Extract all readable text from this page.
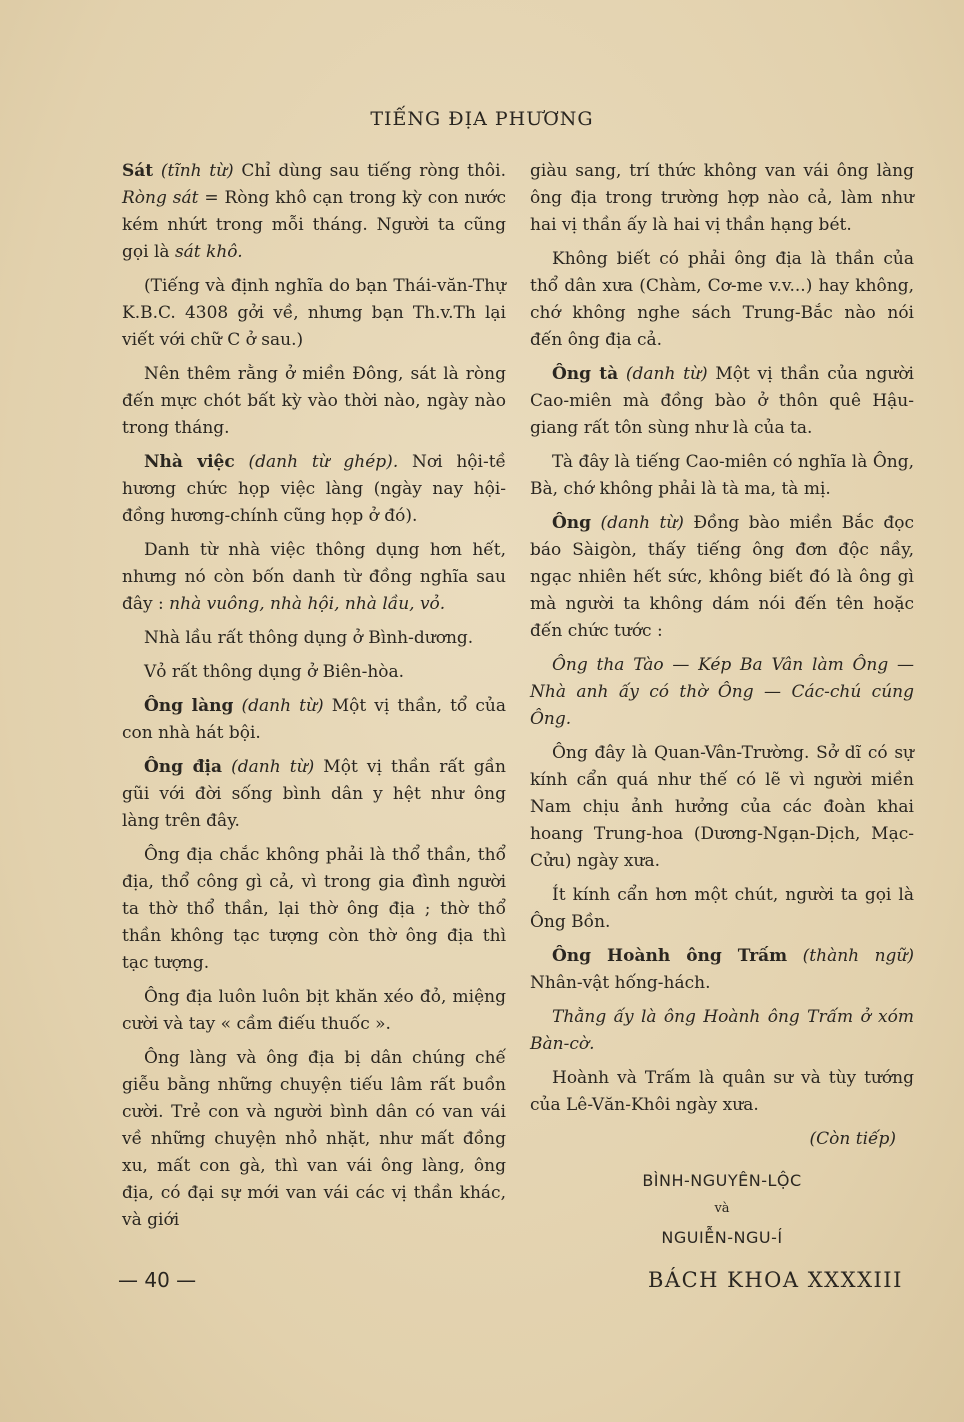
TIẾNG ĐỊA PHƯƠNG

Sát (tĩnh từ) Chỉ dùng sau tiếng ròng thôi. Ròng sát = Ròng khô cạn trong kỳ con nước kém nhứt trong mỗi tháng. Người ta cũng gọi là sát khô.

(Tiếng và định nghĩa do bạn Thái-văn-Thự K.B.C. 4308 gởi về, nhưng bạn Th.v.Th lại viết với chữ C ở sau.)

Nên thêm rằng ở miền Đông, sát là ròng đến mực chót bất kỳ vào thời nào, ngày nào trong tháng.

Nhà việc (danh từ ghép). Nơi hội-tề hương chức họp việc làng (ngày nay hội-đồng hương-chính cũng họp ở đó).

Danh từ nhà việc thông dụng hơn hết, nhưng nó còn bốn danh từ đồng nghĩa sau đây : nhà vuông, nhà hội, nhà lầu, vỏ.

Nhà lầu rất thông dụng ở Bình-dương.

Vỏ rất thông dụng ở Biên-hòa.

Ông làng (danh từ) Một vị thần, tổ của con nhà hát bội.

Ông địa (danh từ) Một vị thần rất gần gũi với đời sống bình dân y hệt như ông làng trên đây.

Ông địa chắc không phải là thổ thần, thổ địa, thổ công gì cả, vì trong gia đình người ta thờ thổ thần, lại thờ ông địa ; thờ thổ thần không tạc tượng còn thờ ông địa thì tạc tượng.

Ông địa luôn luôn bịt khăn xéo đỏ, miệng cười và tay « cầm điếu thuốc ».

Ông làng và ông địa bị dân chúng chế giễu bằng những chuyện tiếu lâm rất buồn cười. Trẻ con và người bình dân có van vái về những chuyện nhỏ nhặt, như mất đồng xu, mất con gà, thì van vái ông làng, ông địa, có đại sự mới van vái các vị thần khác, và giới

giàu sang, trí thức không van vái ông làng ông địa trong trường hợp nào cả, làm như hai vị thần ấy là hai vị thần hạng bét.

Không biết có phải ông địa là thần của thổ dân xưa (Chàm, Cơ-me v.v...) hay không, chớ không nghe sách Trung-Bắc nào nói đến ông địa cả.

Ông tà (danh từ) Một vị thần của người Cao-miên mà đồng bào ở thôn quê Hậu-giang rất tôn sùng như là của ta.

Tà đây là tiếng Cao-miên có nghĩa là Ông, Bà, chớ không phải là tà ma, tà mị.

Ông (danh từ) Đồng bào miền Bắc đọc báo Sàigòn, thấy tiếng ông đơn độc nầy, ngạc nhiên hết sức, không biết đó là ông gì mà người ta không dám nói đến tên hoặc đến chức tước :

Ông tha Tào — Kép Ba Vân làm Ông — Nhà anh ấy có thờ Ông — Các-chú cúng Ông.

Ông đây là Quan-Vân-Trường. Sở dĩ có sự kính cẩn quá như thế có lẽ vì người miền Nam chịu ảnh hưởng của các đoàn khai hoang Trung-hoa (Dương-Ngạn-Dịch, Mạc-Cửu) ngày xưa.

Ít kính cẩn hơn một chút, người ta gọi là Ông Bồn.

Ông Hoành ông Trấm (thành ngữ) Nhân-vật hống-hách.

Thằng ấy là ông Hoành ông Trấm ở xóm Bàn-cờ.

Hoành và Trấm là quân sư và tùy tướng của Lê-Văn-Khôi ngày xưa.

(Còn tiếp)

BÌNH-NGUYÊN-LỘC

và

NGUIỄN-NGU-Í

— 40 —	BÁCH KHOA XXXXIII
